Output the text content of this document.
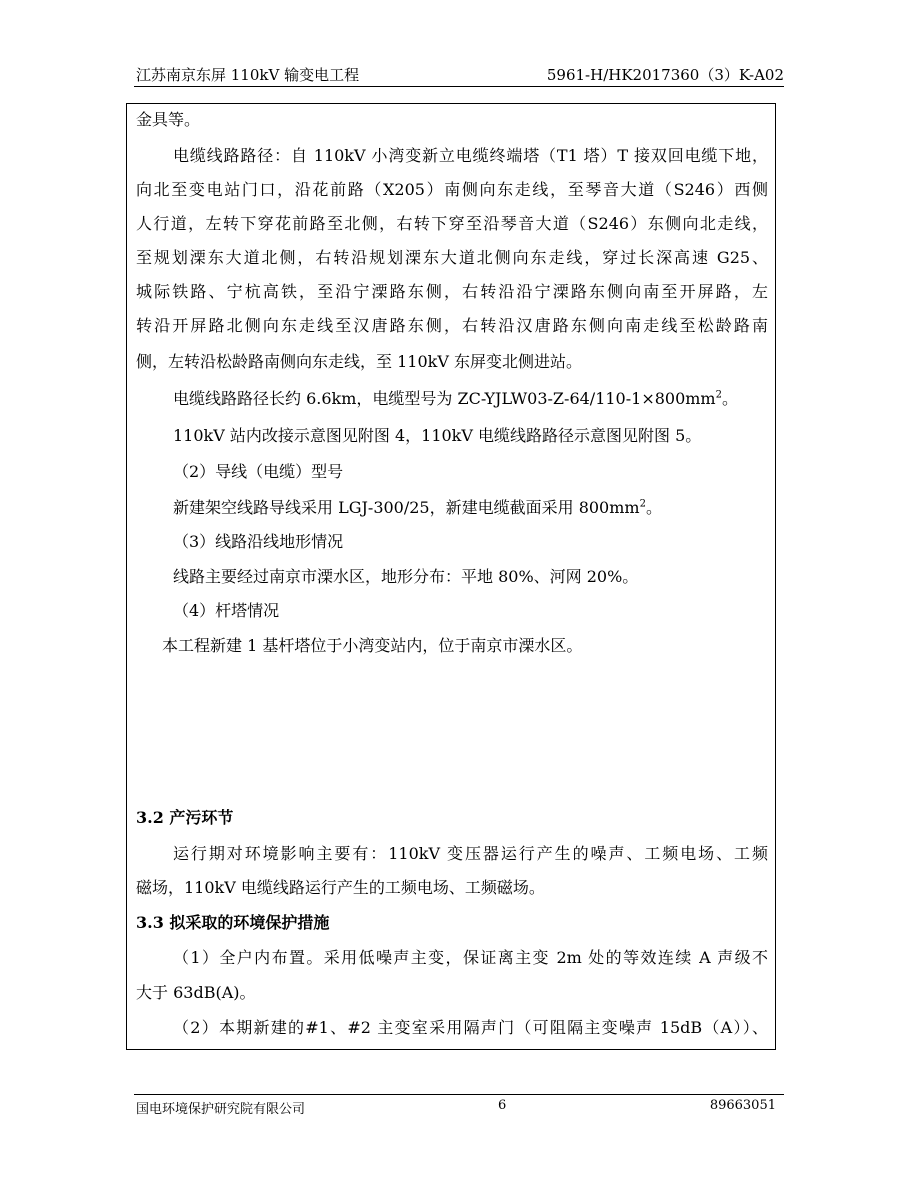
江苏南京东屏 110kV 输变电工程	5961-H/HK2017360（3）K-A02
金具等。
电缆线路路径：自 110kV 小湾变新立电缆终端塔（T1 塔）T 接双回电缆下地，
向北至变电站门口，沿花前路（X205）南侧向东走线，至琴音大道（S246）西侧
人行道，左转下穿花前路至北侧，右转下穿至沿琴音大道（S246）东侧向北走线，
至规划溧东大道北侧，右转沿规划溧东大道北侧向东走线，穿过长深高速 G25、
城际铁路、宁杭高铁，至沿宁溧路东侧，右转沿沿宁溧路东侧向南至开屏路，左
转沿开屏路北侧向东走线至汉唐路东侧，右转沿汉唐路东侧向南走线至松龄路南
侧，左转沿松龄路南侧向东走线，至 110kV 东屏变北侧进站。
电缆线路路径长约 6.6km，电缆型号为 $ZC-YJLW03-Z-64/110-1\times 800mm^2$。
110kV 站内改接示意图见附图 4，110kV 电缆线路路径示意图见附图 5。
（2）导线（电缆）型号
新建架空线路导线采用 LGJ-300/25，新建电缆截面采用 $800mm^2$。
（3）线路沿线地形情况
线路主要经过南京市溧水区，地形分布：平地 80%、河网 20%。
（4）杆塔情况
本工程新建 1 基杆塔位于小湾变站内，位于南京市溧水区。
3.2 产污环节
运行期对环境影响主要有：110kV 变压器运行产生的噪声、工频电场、工频
磁场，110kV 电缆线路运行产生的工频电场、工频磁场。
3.3 拟采取的环境保护措施
（1）全户内布置。采用低噪声主变，保证离主变 2m 处的等效连续 A 声级不
大于 63dB(A)。
（2）本期新建的#1、#2 主变室采用隔声门（可阻隔主变噪声 15dB（A））、
国电环境保护研究院有限公司	6	89663051
